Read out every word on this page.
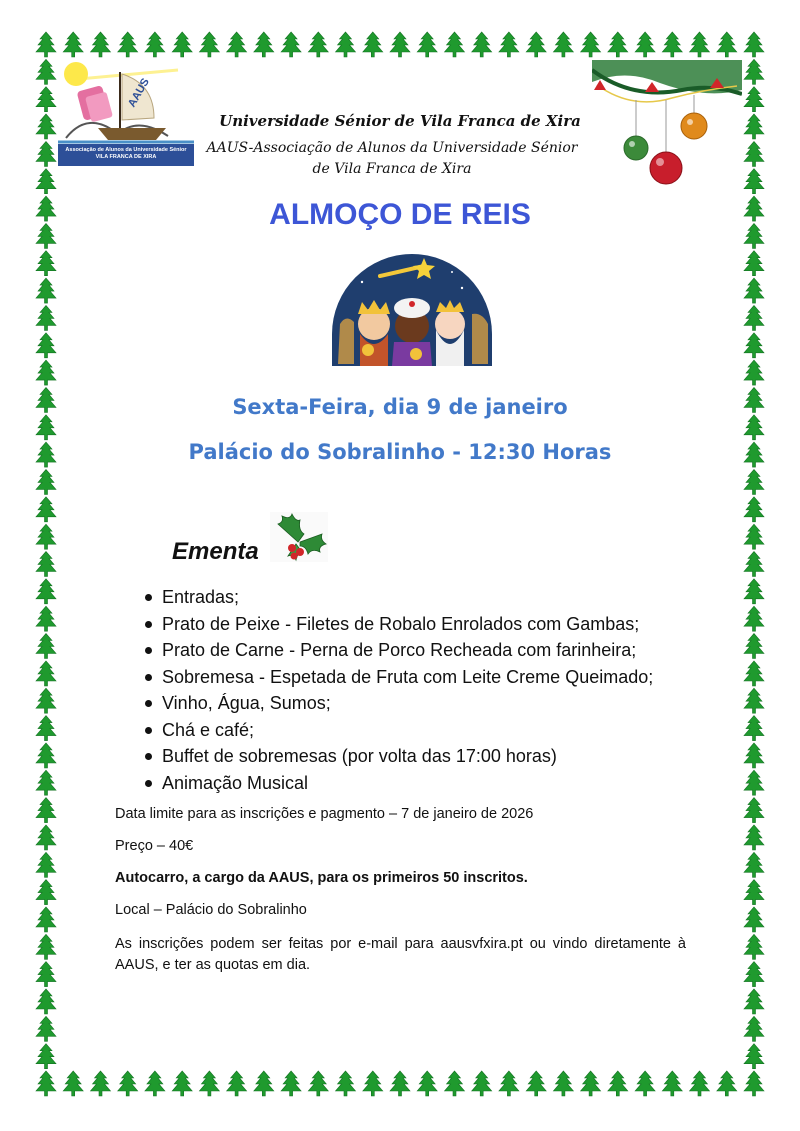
AAUS
Associação de Alunos da Universidade Sénior
VILA FRANCA DE XIRA
Universidade Sénior de Vila Franca de Xira
AAUS-Associação de Alunos da Universidade Sénior de Vila Franca de Xira
ALMOÇO DE REIS
Sexta-Feira, dia 9 de janeiro
Palácio do Sobralinho - 12:30 Horas
Ementa
Entradas;
Prato de Peixe - Filetes de Robalo Enrolados com Gambas;
Prato de Carne - Perna de Porco Recheada com farinheira;
Sobremesa - Espetada de Fruta com Leite Creme Queimado;
Vinho, Água, Sumos;
Chá e café;
Buffet de sobremesas (por volta das 17:00 horas)
Animação Musical
Data limite para as inscrições e pagmento – 7 de janeiro de 2026
Preço – 40€
Autocarro, a cargo da AAUS, para os primeiros 50 inscritos.
Local – Palácio do Sobralinho
As inscrições podem ser feitas por e-mail para aausvfxira.pt ou vindo diretamente à AAUS, e ter as quotas em dia.
